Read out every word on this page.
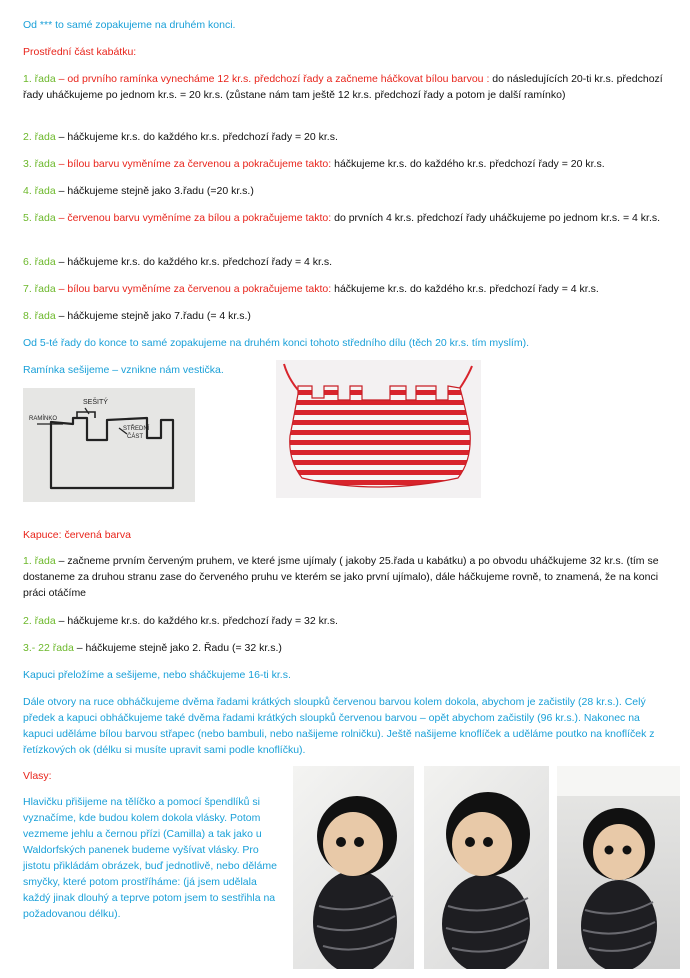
Od *** to samé zopakujeme na druhém konci.

Prostřední část kabátku:

1. řada – od prvního ramínka vynecháme 12 kr.s. předchozí řady a začneme háčkovat bílou barvou : do následujících 20-ti kr.s. předchozí řady uháčkujeme po jednom kr.s. = 20 kr.s. (zůstane nám tam ještě 12 kr.s. předchozí řady a potom je další ramínko)

2. řada – háčkujeme kr.s. do každého kr.s. předchozí řady = 20 kr.s.

3. řada – bílou barvu vyměníme za červenou a pokračujeme takto: háčkujeme kr.s. do každého kr.s. předchozí řady = 20 kr.s.

4. řada – háčkujeme stejně jako 3.řadu (=20 kr.s.)

5. řada – červenou barvu vyměníme za bílou a pokračujeme takto: do prvních 4 kr.s. předchozí řady uháčkujeme po jednom kr.s. = 4 kr.s.

6. řada – háčkujeme kr.s. do každého kr.s. předchozí řady = 4 kr.s.

7. řada – bílou barvu vyměníme za červenou a pokračujeme takto: háčkujeme kr.s. do každého kr.s. předchozí řady = 4 kr.s.

8. řada – háčkujeme stejně jako 7.řadu (= 4 kr.s.)

Od 5-té řady do konce to samé zopakujeme na druhém konci tohoto středního dílu (těch 20 kr.s. tím myslím).

Ramínka sešijeme – vznikne nám vestička.

SEŠITÝ
RAMÍNKO
STŘEDNÍ
ČÁST

Kapuce: červená barva

1. řada – začneme prvním červeným pruhem, ve které jsme ujímaly ( jakoby 25.řada u kabátku) a po obvodu uháčkujeme 32 kr.s. (tím se dostaneme za druhou stranu zase do červeného pruhu ve kterém se jako první ujímalo), dále háčkujeme rovně, to znamená, že na konci práci otáčíme

2. řada – háčkujeme kr.s. do každého kr.s. předchozí řady = 32 kr.s.

3.- 22 řada – háčkujeme stejně jako 2. Řadu (= 32 kr.s.)

Kapuci přeložíme a sešijeme, nebo sháčkujeme 16-ti kr.s.

Dále otvory na ruce obháčkujeme dvěma řadami krátkých sloupků červenou barvou kolem dokola, abychom je začistily (28 kr.s.). Celý předek a kapuci obháčkujeme také dvěma řadami krátkých sloupků červenou barvou – opět abychom začistily (96 kr.s.). Nakonec na kapuci uděláme bílou barvou střapec (nebo bambuli, nebo našijeme rolničku). Ještě našijeme knoflíček a uděláme poutko na knoflíček z řetízkových ok (délku si musíte upravit sami podle knoflíčku).

Vlasy:

Hlavičku přišijeme na tělíčko a pomocí špendlíků si vyznačíme, kde budou kolem dokola vlásky. Potom vezmeme jehlu a černou přízi (Camilla) a tak jako u Waldorfských panenek budeme vyšívat vlásky. Pro jistotu přikládám obrázek, buď jednotlivě, nebo děláme smyčky, které potom prostříháme: (já jsem udělala každý jinak dlouhý a teprve potom jsem to sestřihla na požadovanou délku).
